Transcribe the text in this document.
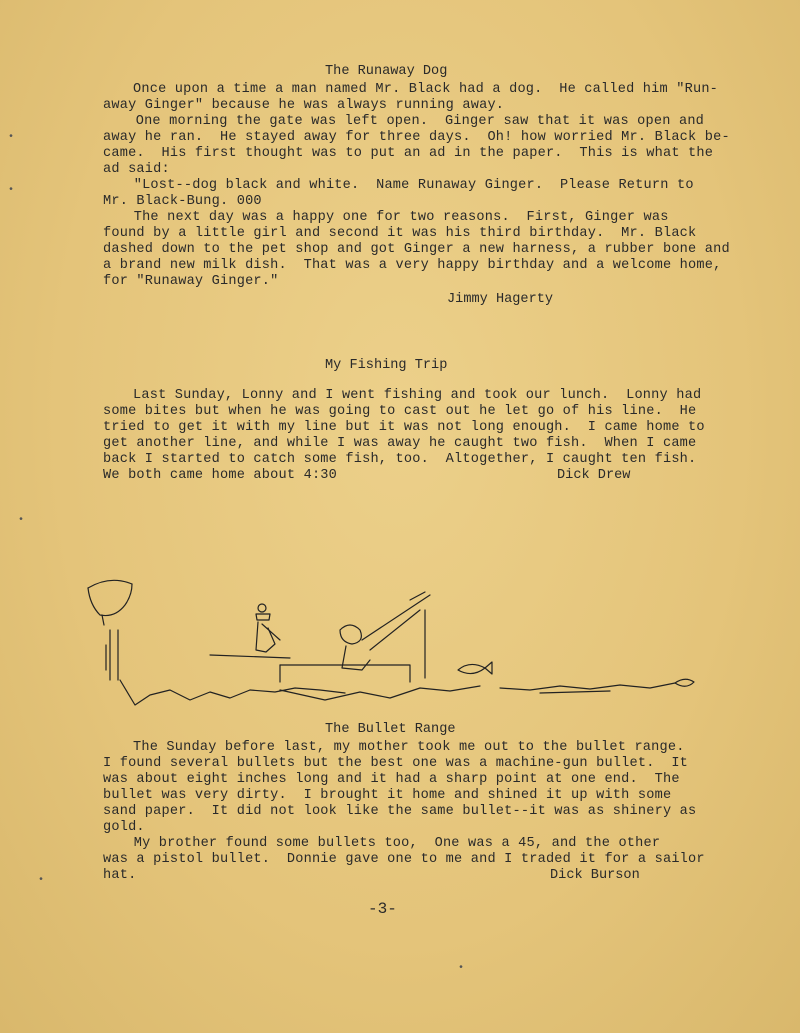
The Runaway Dog
Once upon a time a man named Mr. Black had a dog.  He called him "Run-
away Ginger" because he was always running away.
One morning the gate was left open.  Ginger saw that it was open and
away he ran.  He stayed away for three days.  Oh! how worried Mr. Black be-
came.  His first thought was to put an ad in the paper.  This is what the
ad said:
"Lost--dog black and white.  Name Runaway Ginger.  Please Return to
Mr. Black-Bung. 000
The next day was a happy one for two reasons.  First, Ginger was
found by a little girl and second it was his third birthday.  Mr. Black
dashed down to the pet shop and got Ginger a new harness, a rubber bone and
a brand new milk dish.  That was a very happy birthday and a welcome home,
for "Runaway Ginger."
Jimmy Hagerty
My Fishing Trip
Last Sunday, Lonny and I went fishing and took our lunch.  Lonny had
some bites but when he was going to cast out he let go of his line.  He
tried to get it with my line but it was not long enough.  I came home to
get another line, and while I was away he caught two fish.  When I came
back I started to catch some fish, too.  Altogether, I caught ten fish.
We both came home about 4:30	Dick Drew
The Bullet Range
The Sunday before last, my mother took me out to the bullet range.
I found several bullets but the best one was a machine-gun bullet.  It
was about eight inches long and it had a sharp point at one end.  The
bullet was very dirty.  I brought it home and shined it up with some
sand paper.  It did not look like the same bullet--it was as shinery as
gold.
My brother found some bullets too,  One was a 45, and the other
was a pistol bullet.  Donnie gave one to me and I traded it for a sailor
hat.	Dick Burson
-3-
•
•
•
•
•
